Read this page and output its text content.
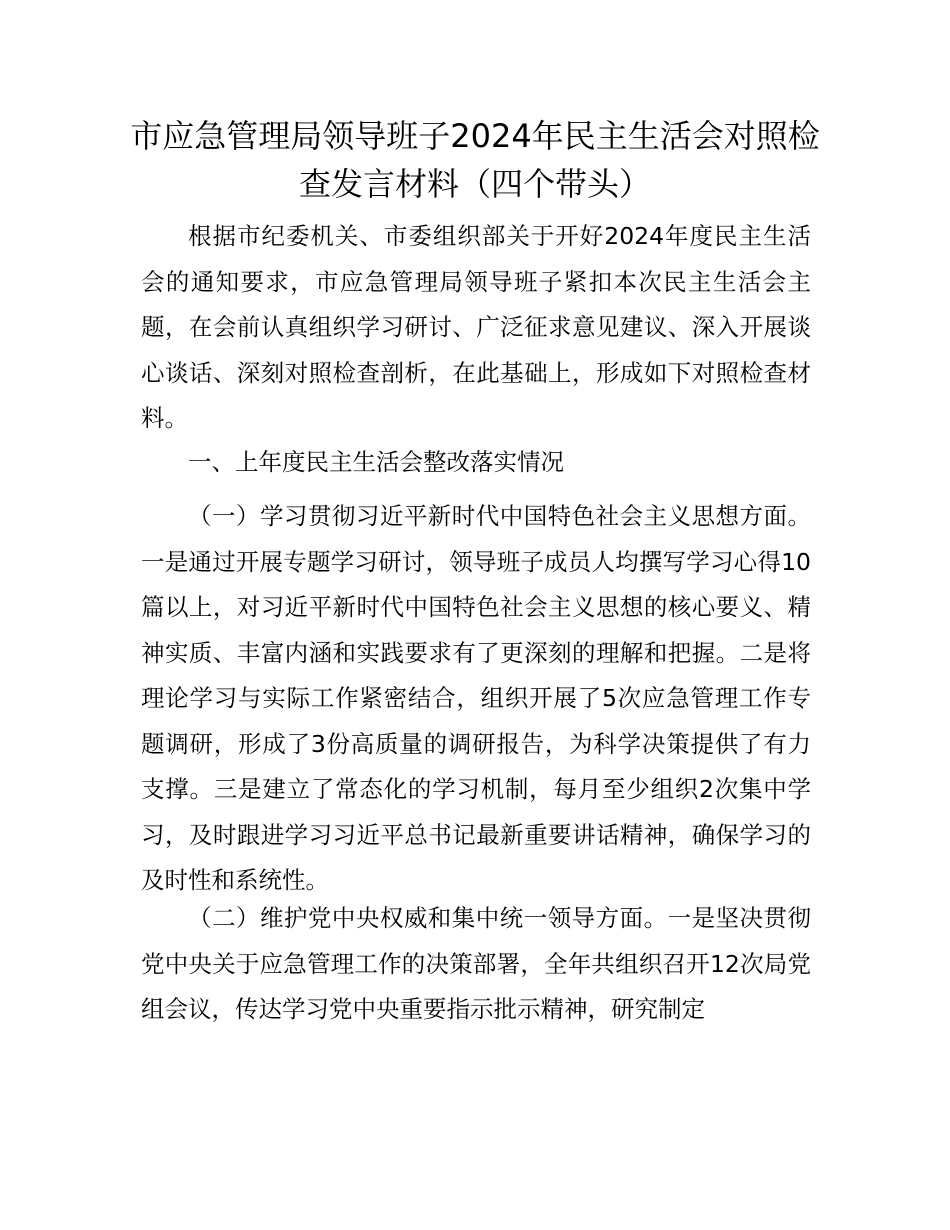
市应急管理局领导班子2024年民主生活会对照检查发言材料（四个带头）

根据市纪委机关、市委组织部关于开好2024年度民主生活会的通知要求，市应急管理局领导班子紧扣本次民主生活会主题，在会前认真组织学习研讨、广泛征求意见建议、深入开展谈心谈话、深刻对照检查剖析，在此基础上，形成如下对照检查材料。

一、上年度民主生活会整改落实情况

（一）学习贯彻习近平新时代中国特色社会主义思想方面。一是通过开展专题学习研讨，领导班子成员人均撰写学习心得10篇以上，对习近平新时代中国特色社会主义思想的核心要义、精神实质、丰富内涵和实践要求有了更深刻的理解和把握。二是将理论学习与实际工作紧密结合，组织开展了5次应急管理工作专题调研，形成了3份高质量的调研报告，为科学决策提供了有力支撑。三是建立了常态化的学习机制，每月至少组织2次集中学习，及时跟进学习习近平总书记最新重要讲话精神，确保学习的及时性和系统性。

（二）维护党中央权威和集中统一领导方面。一是坚决贯彻党中央关于应急管理工作的决策部署，全年共组织召开12次局党组会议，传达学习党中央重要指示批示精神，研究制定
